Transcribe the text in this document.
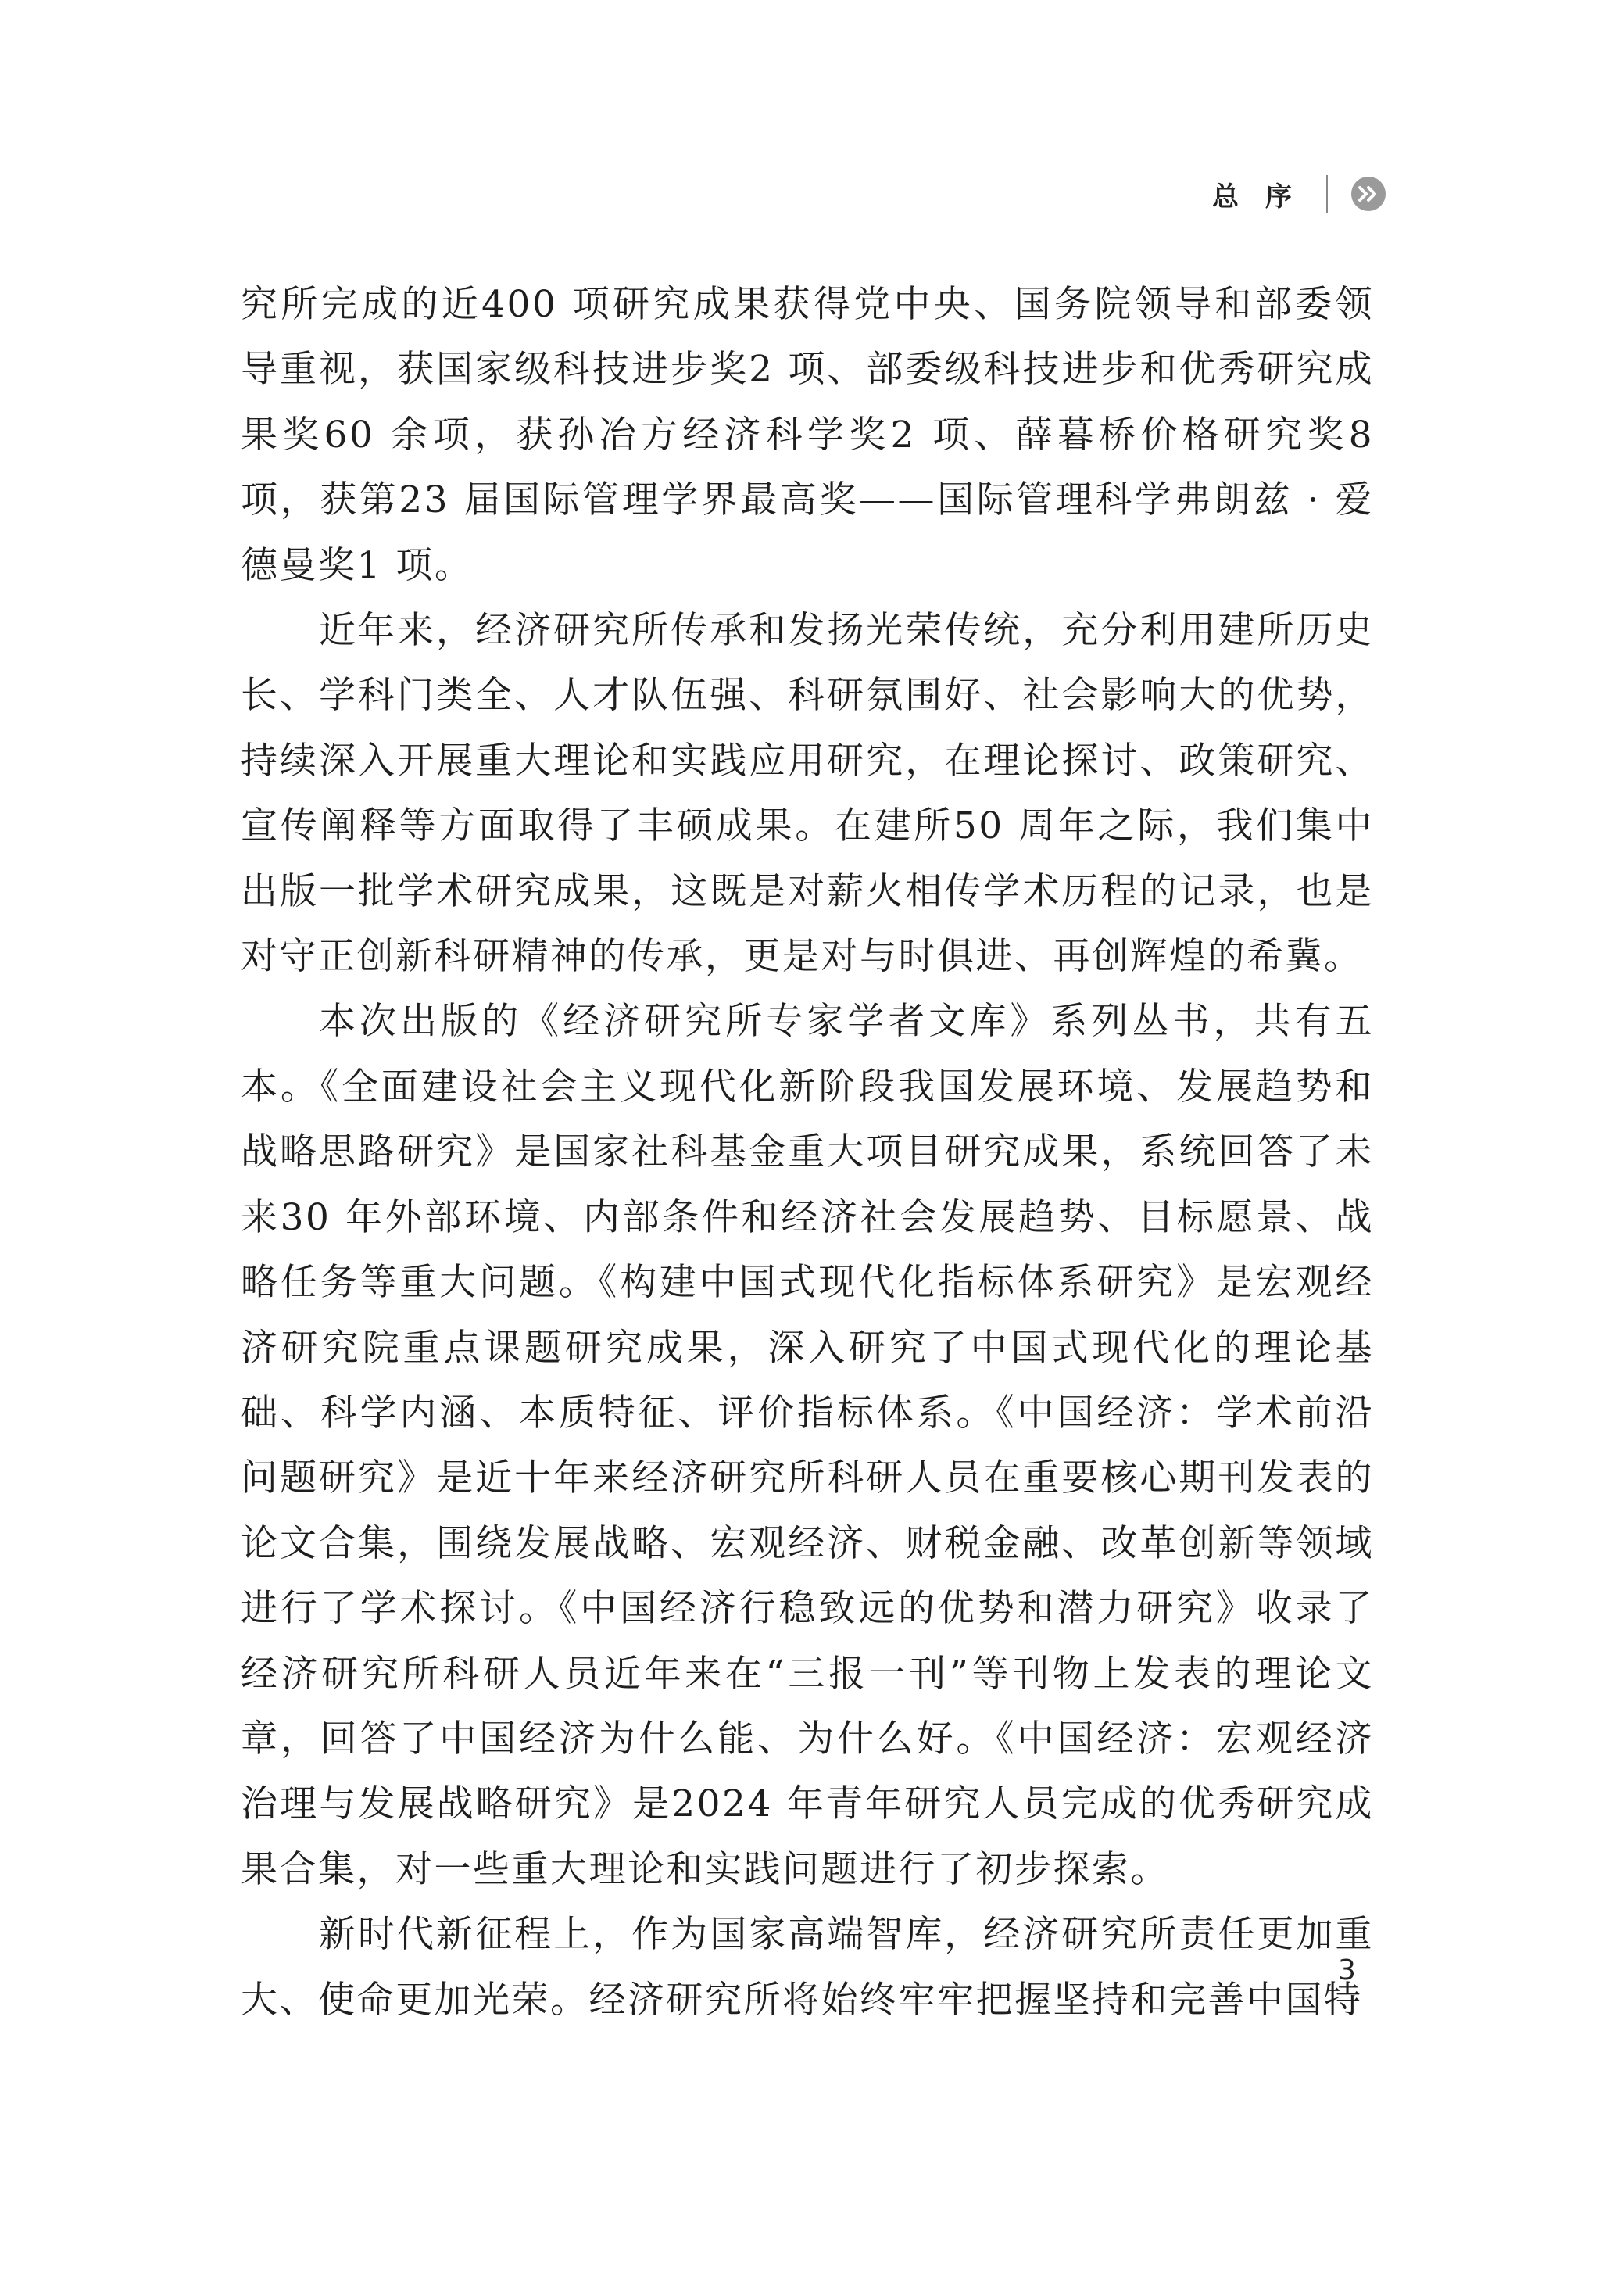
总序

究所完成的近400 项研究成果获得党中央、国务院领导和部委领导重视，获国家级科技进步奖2 项、部委级科技进步和优秀研究成果奖60 余项，获孙冶方经济科学奖2 项、薛暮桥价格研究奖8 项，获第23 届国际管理学界最高奖——国际管理科学弗朗兹 · 爱德曼奖1 项。

近年来，经济研究所传承和发扬光荣传统，充分利用建所历史长、学科门类全、人才队伍强、科研氛围好、社会影响大的优势，持续深入开展重大理论和实践应用研究，在理论探讨、政策研究、宣传阐释等方面取得了丰硕成果。在建所50 周年之际，我们集中出版一批学术研究成果，这既是对薪火相传学术历程的记录，也是对守正创新科研精神的传承，更是对与时俱进、再创辉煌的希冀。

本次出版的《经济研究所专家学者文库》系列丛书，共有五本。《全面建设社会主义现代化新阶段我国发展环境、发展趋势和战略思路研究》是国家社科基金重大项目研究成果，系统回答了未来30 年外部环境、内部条件和经济社会发展趋势、目标愿景、战略任务等重大问题。《构建中国式现代化指标体系研究》是宏观经济研究院重点课题研究成果，深入研究了中国式现代化的理论基础、科学内涵、本质特征、评价指标体系。《中国经济：学术前沿问题研究》是近十年来经济研究所科研人员在重要核心期刊发表的论文合集，围绕发展战略、宏观经济、财税金融、改革创新等领域进行了学术探讨。《中国经济行稳致远的优势和潜力研究》收录了经济研究所科研人员近年来在“三报一刊”等刊物上发表的理论文章，回答了中国经济为什么能、为什么好。《中国经济：宏观经济治理与发展战略研究》是2024 年青年研究人员完成的优秀研究成果合集，对一些重大理论和实践问题进行了初步探索。

新时代新征程上，作为国家高端智库，经济研究所责任更加重大、使命更加光荣。经济研究所将始终牢牢把握坚持和完善中国特

3
